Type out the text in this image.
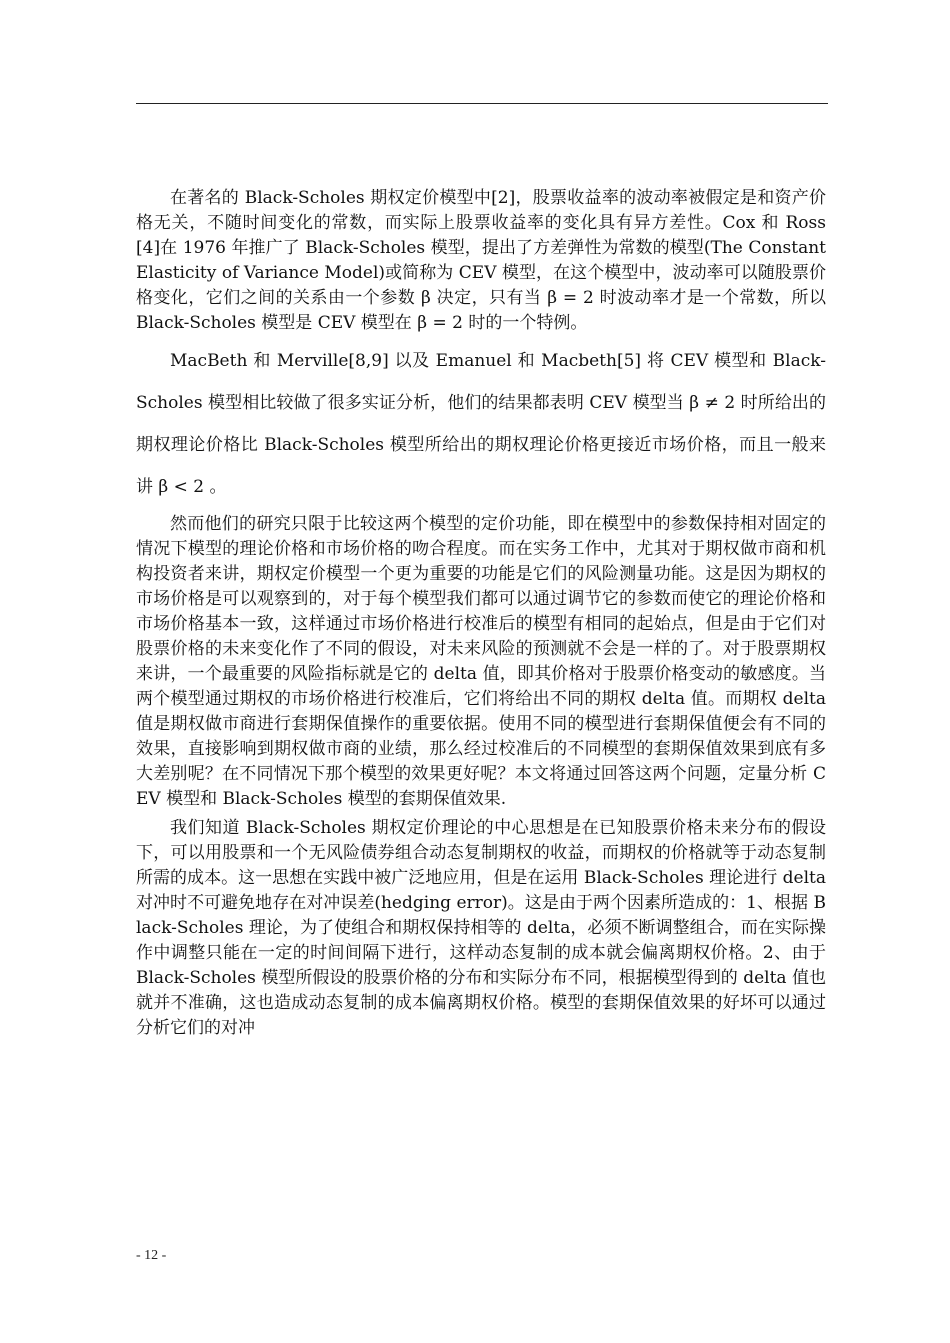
在著名的 Black-Scholes 期权定价模型中[2]，股票收益率的波动率被假定是和资产价格无关，不随时间变化的常数，而实际上股票收益率的变化具有异方差性。Cox 和 Ross [4]在 1976 年推广了 Black-Scholes 模型，提出了方差弹性为常数的模型(The Constant Elasticity of Variance Model)或简称为 CEV 模型，在这个模型中，波动率可以随股票价格变化，它们之间的关系由一个参数 β 决定，只有当 β = 2 时波动率才是一个常数，所以 Black-Scholes 模型是 CEV 模型在 β = 2 时的一个特例。

MacBeth 和 Merville[8,9] 以及 Emanuel 和 Macbeth[5] 将 CEV 模型和 Black-Scholes 模型相比较做了很多实证分析，他们的结果都表明 CEV 模型当 β ≠ 2 时所给出的期权理论价格比 Black-Scholes 模型所给出的期权理论价格更接近市场价格，而且一般来讲 β < 2 。

然而他们的研究只限于比较这两个模型的定价功能，即在模型中的参数保持相对固定的情况下模型的理论价格和市场价格的吻合程度。而在实务工作中，尤其对于期权做市商和机构投资者来讲，期权定价模型一个更为重要的功能是它们的风险测量功能。这是因为期权的市场价格是可以观察到的，对于每个模型我们都可以通过调节它的参数而使它的理论价格和市场价格基本一致，这样通过市场价格进行校准后的模型有相同的起始点，但是由于它们对股票价格的未来变化作了不同的假设，对未来风险的预测就不会是一样的了。对于股票期权来讲，一个最重要的风险指标就是它的 delta 值，即其价格对于股票价格变动的敏感度。当两个模型通过期权的市场价格进行校准后，它们将给出不同的期权 delta 值。而期权 delta 值是期权做市商进行套期保值操作的重要依据。使用不同的模型进行套期保值便会有不同的效果，直接影响到期权做市商的业绩，那么经过校准后的不同模型的套期保值效果到底有多大差别呢？在不同情况下那个模型的效果更好呢？本文将通过回答这两个问题，定量分析 CEV 模型和 Black-Scholes 模型的套期保值效果.

我们知道 Black-Scholes 期权定价理论的中心思想是在已知股票价格未来分布的假设下，可以用股票和一个无风险债券组合动态复制期权的收益，而期权的价格就等于动态复制所需的成本。这一思想在实践中被广泛地应用，但是在运用 Black-Scholes 理论进行 delta 对冲时不可避免地存在对冲误差(hedging error)。这是由于两个因素所造成的：1、根据 Black-Scholes 理论，为了使组合和期权保持相等的 delta，必须不断调整组合，而在实际操作中调整只能在一定的时间间隔下进行，这样动态复制的成本就会偏离期权价格。2、由于 Black-Scholes 模型所假设的股票价格的分布和实际分布不同，根据模型得到的 delta 值也就并不准确，这也造成动态复制的成本偏离期权价格。模型的套期保值效果的好坏可以通过分析它们的对冲

- 12 -
